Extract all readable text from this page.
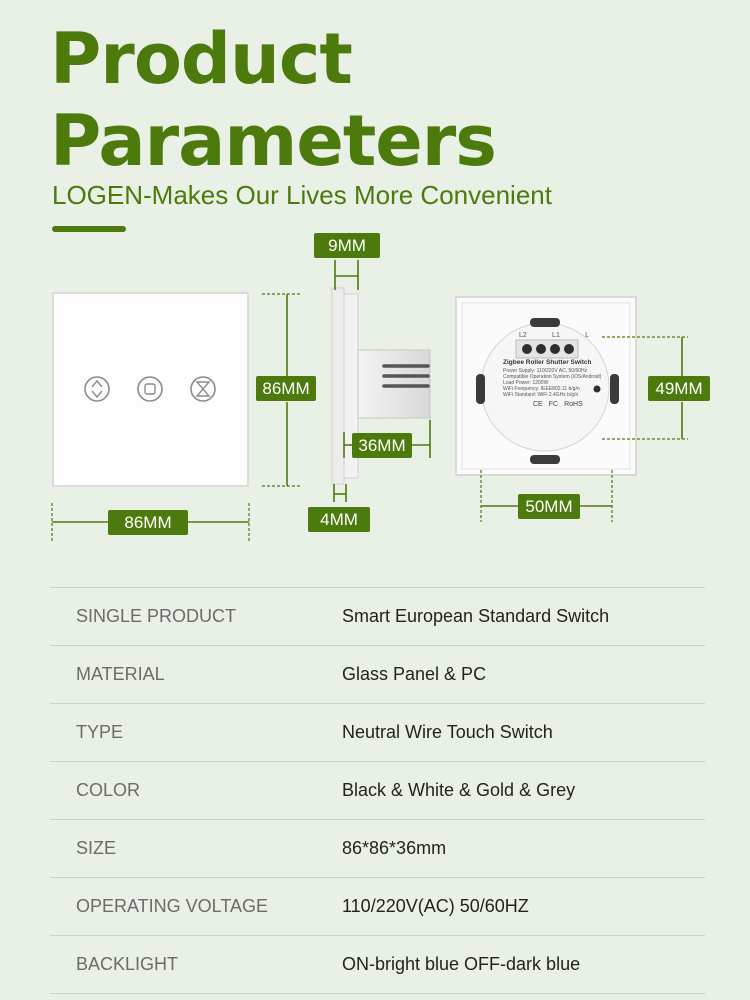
Product
Parameters
LOGEN-Makes Our Lives More Convenient
L2	L1	L
Zigbee Roller Shutter Switch
Power Supply: 110/220V AC, 50/60Hz
Compatible Operation System (iOS/Android)
Load Power: 1200W
WiFi Frequency: IEEE802.11 b/g/n
WiFi Standard: WiFi 2.4GHz b/g/n
CE FC RoHS
86MM
86MM
9MM
36MM
4MM
49MM
50MM
SINGLE PRODUCT	Smart European Standard Switch
MATERIAL	Glass Panel & PC
TYPE	Neutral Wire Touch Switch
COLOR	Black & White & Gold & Grey
SIZE	86*86*36mm
OPERATING VOLTAGE	110/220V(AC) 50/60HZ
BACKLIGHT	ON-bright blue OFF-dark blue
